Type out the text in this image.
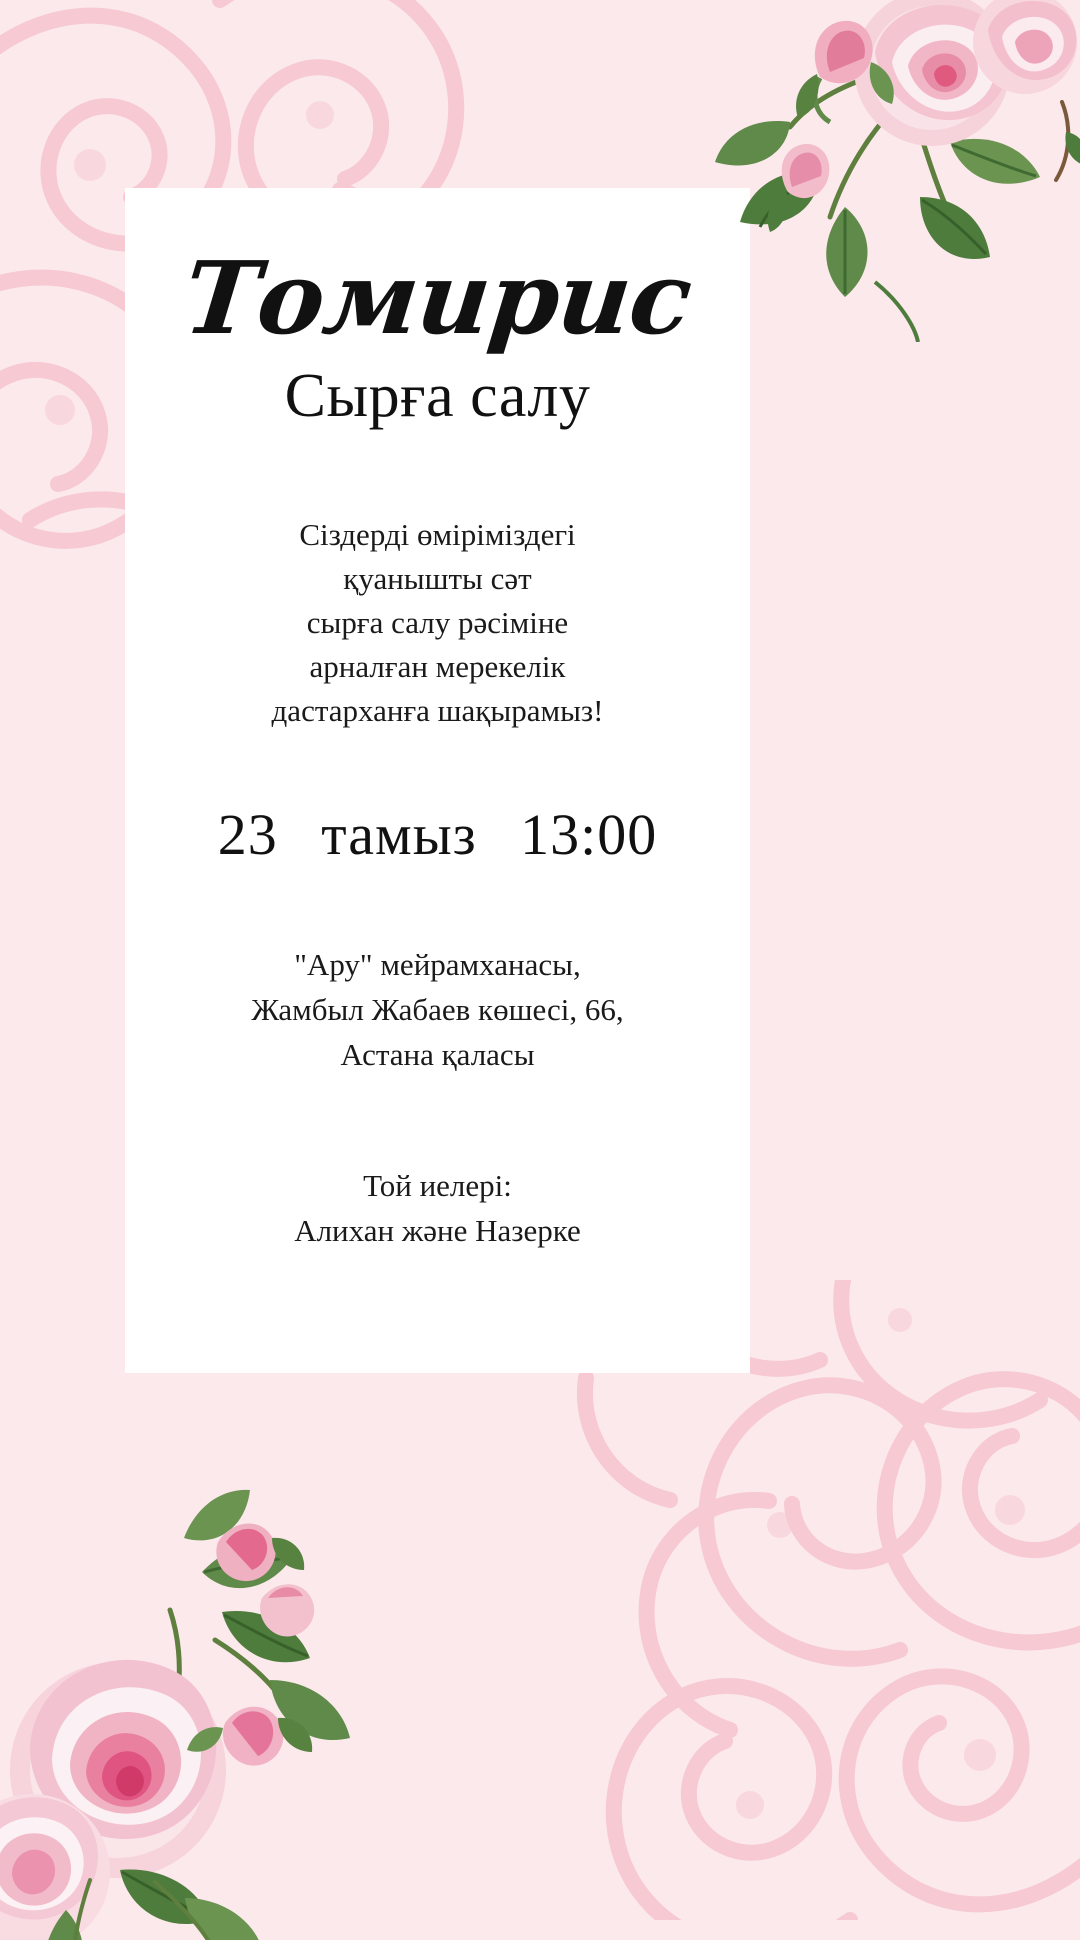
Томирис
Сырға салу
Сіздерді өміріміздегі
қуанышты сәт
сырға салу рәсіміне
арналған мерекелік
дастарханға шақырамыз!
23 тамыз 13:00
"Ару" мейрамханасы,
Жамбыл Жабаев көшесі, 66,
Астана қаласы
Той иелері:
Алихан және Назерке
